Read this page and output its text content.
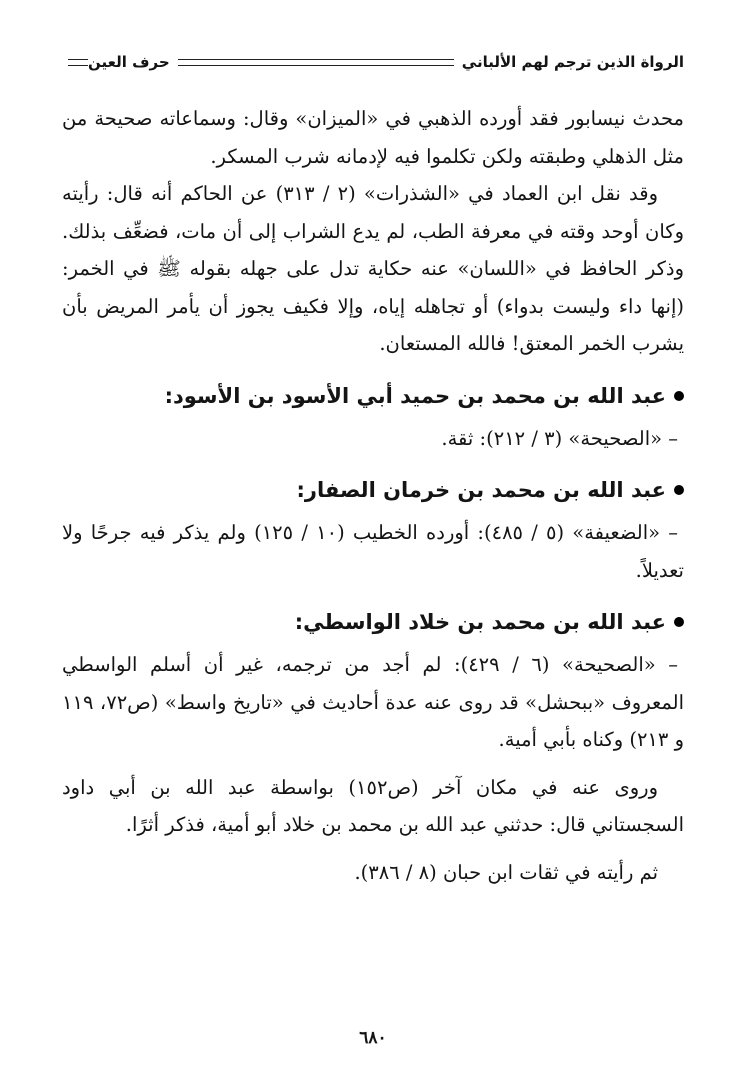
الرواة الذين ترجم لهم الألباني
حرف العين

محدث نيسابور فقد أورده الذهبي في «الميزان» وقال: وسماعاته صحيحة من مثل الذهلي وطبقته ولكن تكلموا فيه لإدمانه شرب المسكر.

وقد نقل ابن العماد في «الشذرات» (٢ / ٣١٣) عن الحاكم أنه قال: رأيته وكان أوحد وقته في معرفة الطب، لم يدع الشراب إلى أن مات، فضعِّف بذلك. وذكر الحافظ في «اللسان» عنه حكاية تدل على جهله بقوله ﷺ في الخمر: (إنها داء وليست بدواء) أو تجاهله إياه، وإلا فكيف يجوز أن يأمر المريض بأن يشرب الخمر المعتق! فالله المستعان.

عبد الله بن محمد بن حميد أبي الأسود بن الأسود:

– «الصحيحة» (٣ / ٢١٢): ثقة.

عبد الله بن محمد بن خرمان الصفار:

– «الضعيفة» (٥ / ٤٨٥): أورده الخطيب (١٠ / ١٢٥) ولم يذكر فيه جرحًا ولا تعديلاً.

عبد الله بن محمد بن خلاد الواسطي:

– «الصحيحة» (٦ / ٤٢٩): لم أجد من ترجمه، غير أن أسلم الواسطي المعروف «ببحشل» قد روى عنه عدة أحاديث في «تاريخ واسط» (ص٧٢، ١١٩ و ٢١٣) وكناه بأبي أمية.

وروى عنه في مكان آخر (ص١٥٢) بواسطة عبد الله بن أبي داود السجستاني قال: حدثني عبد الله بن محمد بن خلاد أبو أمية، فذكر أثرًا.

ثم رأيته في ثقات ابن حبان (٨ / ٣٨٦).

٦٨٠
